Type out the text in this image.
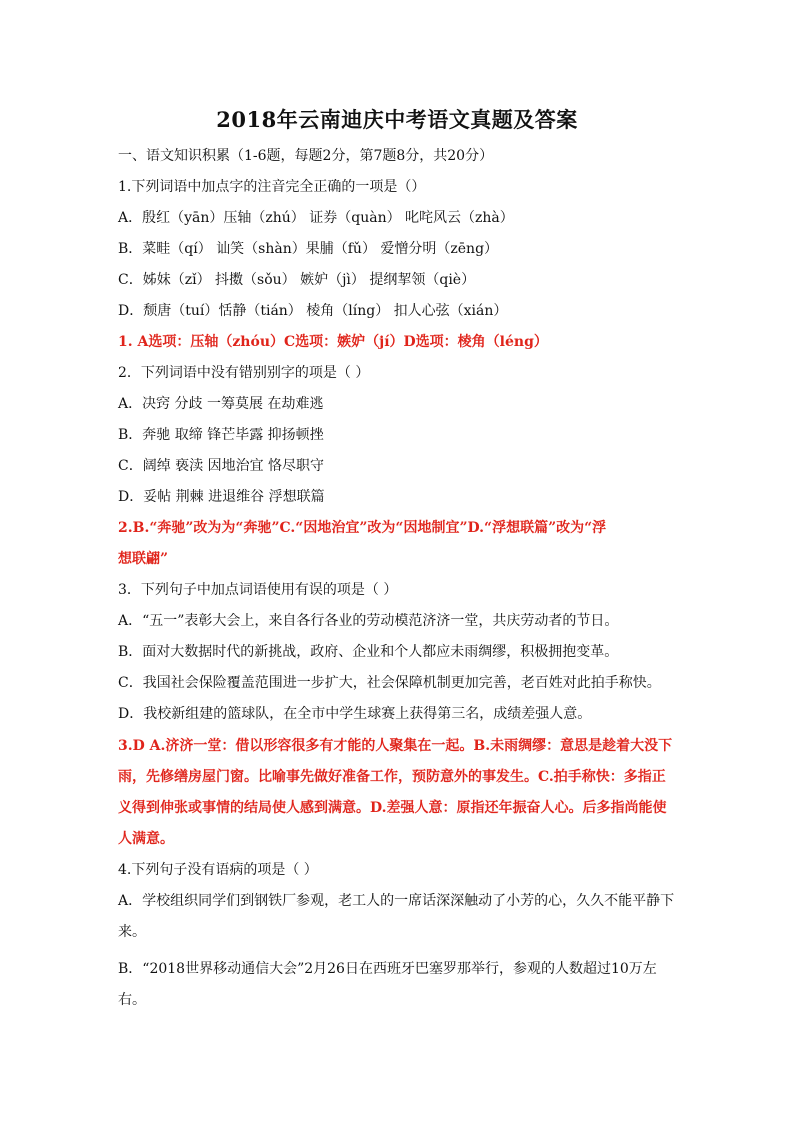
2018年云南迪庆中考语文真题及答案
一、语文知识积累（1-6题，每题2分，第7题8分，共20分）
1.下列词语中加点字的注音完全正确的一项是（）
A．殷红（yān）压轴（zhú） 证券（quàn） 叱咤风云（zhà）
B．菜畦（qí） 讪笑（shàn）果脯（fǔ） 爱憎分明（zēng）
C．姊妹（zǐ） 抖擞（sǒu） 嫉妒（jì） 提纲挈领（qiè）
D．颓唐（tuí）恬静（tián） 棱角（líng） 扣人心弦（xián）
1. A选项：压轴（zhóu）C选项：嫉妒（jí）D选项：棱角（léng）
2．下列词语中没有错别别字的项是（ ）
A．决窍 分歧 一筹莫展 在劫难逃
B．奔驰 取缔 锋芒毕露 抑扬顿挫
C．阔绰 亵渎 因地治宜 恪尽职守
D．妥帖 荆棘 进退维谷 浮想联篇
2.B.“奔驰”改为为“奔驰”C.“因地治宜”改为“因地制宜”D.“浮想联篇”改为“浮
想联翩”
3．下列句子中加点词语使用有误的项是（ ）
A．“五一”表彰大会上，来自各行各业的劳动模范济济一堂，共庆劳动者的节日。
B．面对大数据时代的新挑战，政府、企业和个人都应未雨绸缪，积极拥抱变革。
C．我国社会保险覆盖范围进一步扩大，社会保障机制更加完善，老百姓对此拍手称快。
D．我校新组建的篮球队，在全市中学生球赛上获得第三名，成绩差强人意。
3.D A.济济一堂：借以形容很多有才能的人聚集在一起。B.未雨绸缪：意思是趁着大没下
雨，先修缮房屋门窗。比喻事先做好准备工作，预防意外的事发生。C.拍手称快：多指正
义得到伸张或事情的结局使人感到满意。D.差强人意：原指还年振奋人心。后多指尚能使
人满意。
4.下列句子没有语病的项是（ ）
A．学校组织同学们到钢铁厂参观，老工人的一席话深深触动了小芳的心，久久不能平静下
来。
B．“2018世界移动通信大会”2月26日在西班牙巴塞罗那举行，参观的人数超过10万左
右。
